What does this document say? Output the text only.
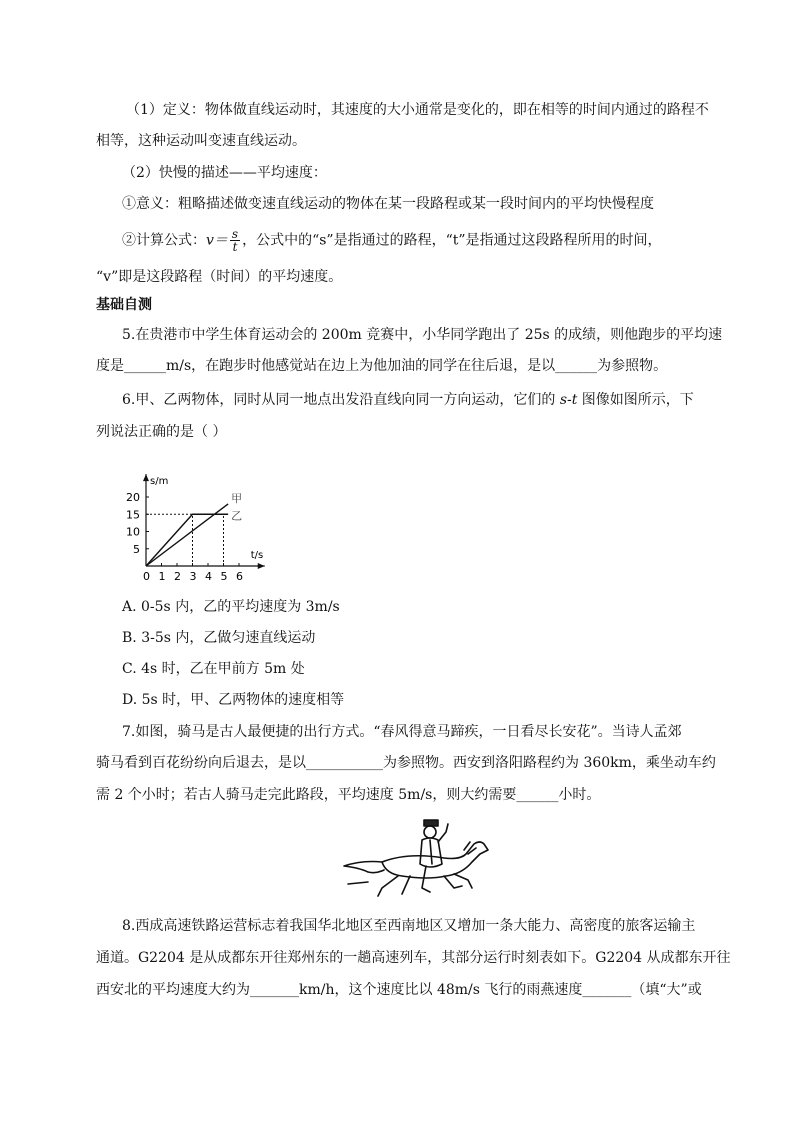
（1）定义：物体做直线运动时，其速度的大小通常是变化的，即在相等的时间内通过的路程不
相等，这种运动叫变速直线运动。
（2）快慢的描述——平均速度：
①意义：粗略描述做变速直线运动的物体在某一段路程或某一段时间内的平均快慢程度
②计算公式：$v= \frac{s}{t}$ ，公式中的“s”是指通过的路程，“t”是指通过这段路程所用的时间，
“v”即是这段路程（时间）的平均速度。
基础自测
5.在贵港市中学生体育运动会的 200m 竞赛中，小华同学跑出了 25s 的成绩，则他跑步的平均速
度是______m/s，在跑步时他感觉站在边上为他加油的同学在往后退，是以______为参照物。
6.甲、乙两物体，同时从同一地点出发沿直线向同一方向运动，它们的 s-t 图像如图所示，下
列说法正确的是（ ）
s/m
t/s
0 1 2 3 4 5 6
5
10
15
20	甲
乙
A. 0-5s 内，乙的平均速度为 3m/s
B. 3-5s 内，乙做匀速直线运动
C. 4s 时，乙在甲前方 5m 处
D. 5s 时，甲、乙两物体的速度相等
7.如图，骑马是古人最便捷的出行方式。“春风得意马蹄疾，一日看尽长安花”。当诗人孟郊
骑马看到百花纷纷向后退去，是以___________为参照物。西安到洛阳路程约为 360km，乘坐动车约
需 2 个小时；若古人骑马走完此路段，平均速度 5m/s，则大约需要______小时。
8.西成高速铁路运营标志着我国华北地区至西南地区又增加一条大能力、高密度的旅客运输主
通道。G2204 是从成都东开往郑州东的一趟高速列车，其部分运行时刻表如下。G2204 从成都东开往
西安北的平均速度大约为_______km/h，这个速度比以 48m/s 飞行的雨燕速度_______（填“大”或
